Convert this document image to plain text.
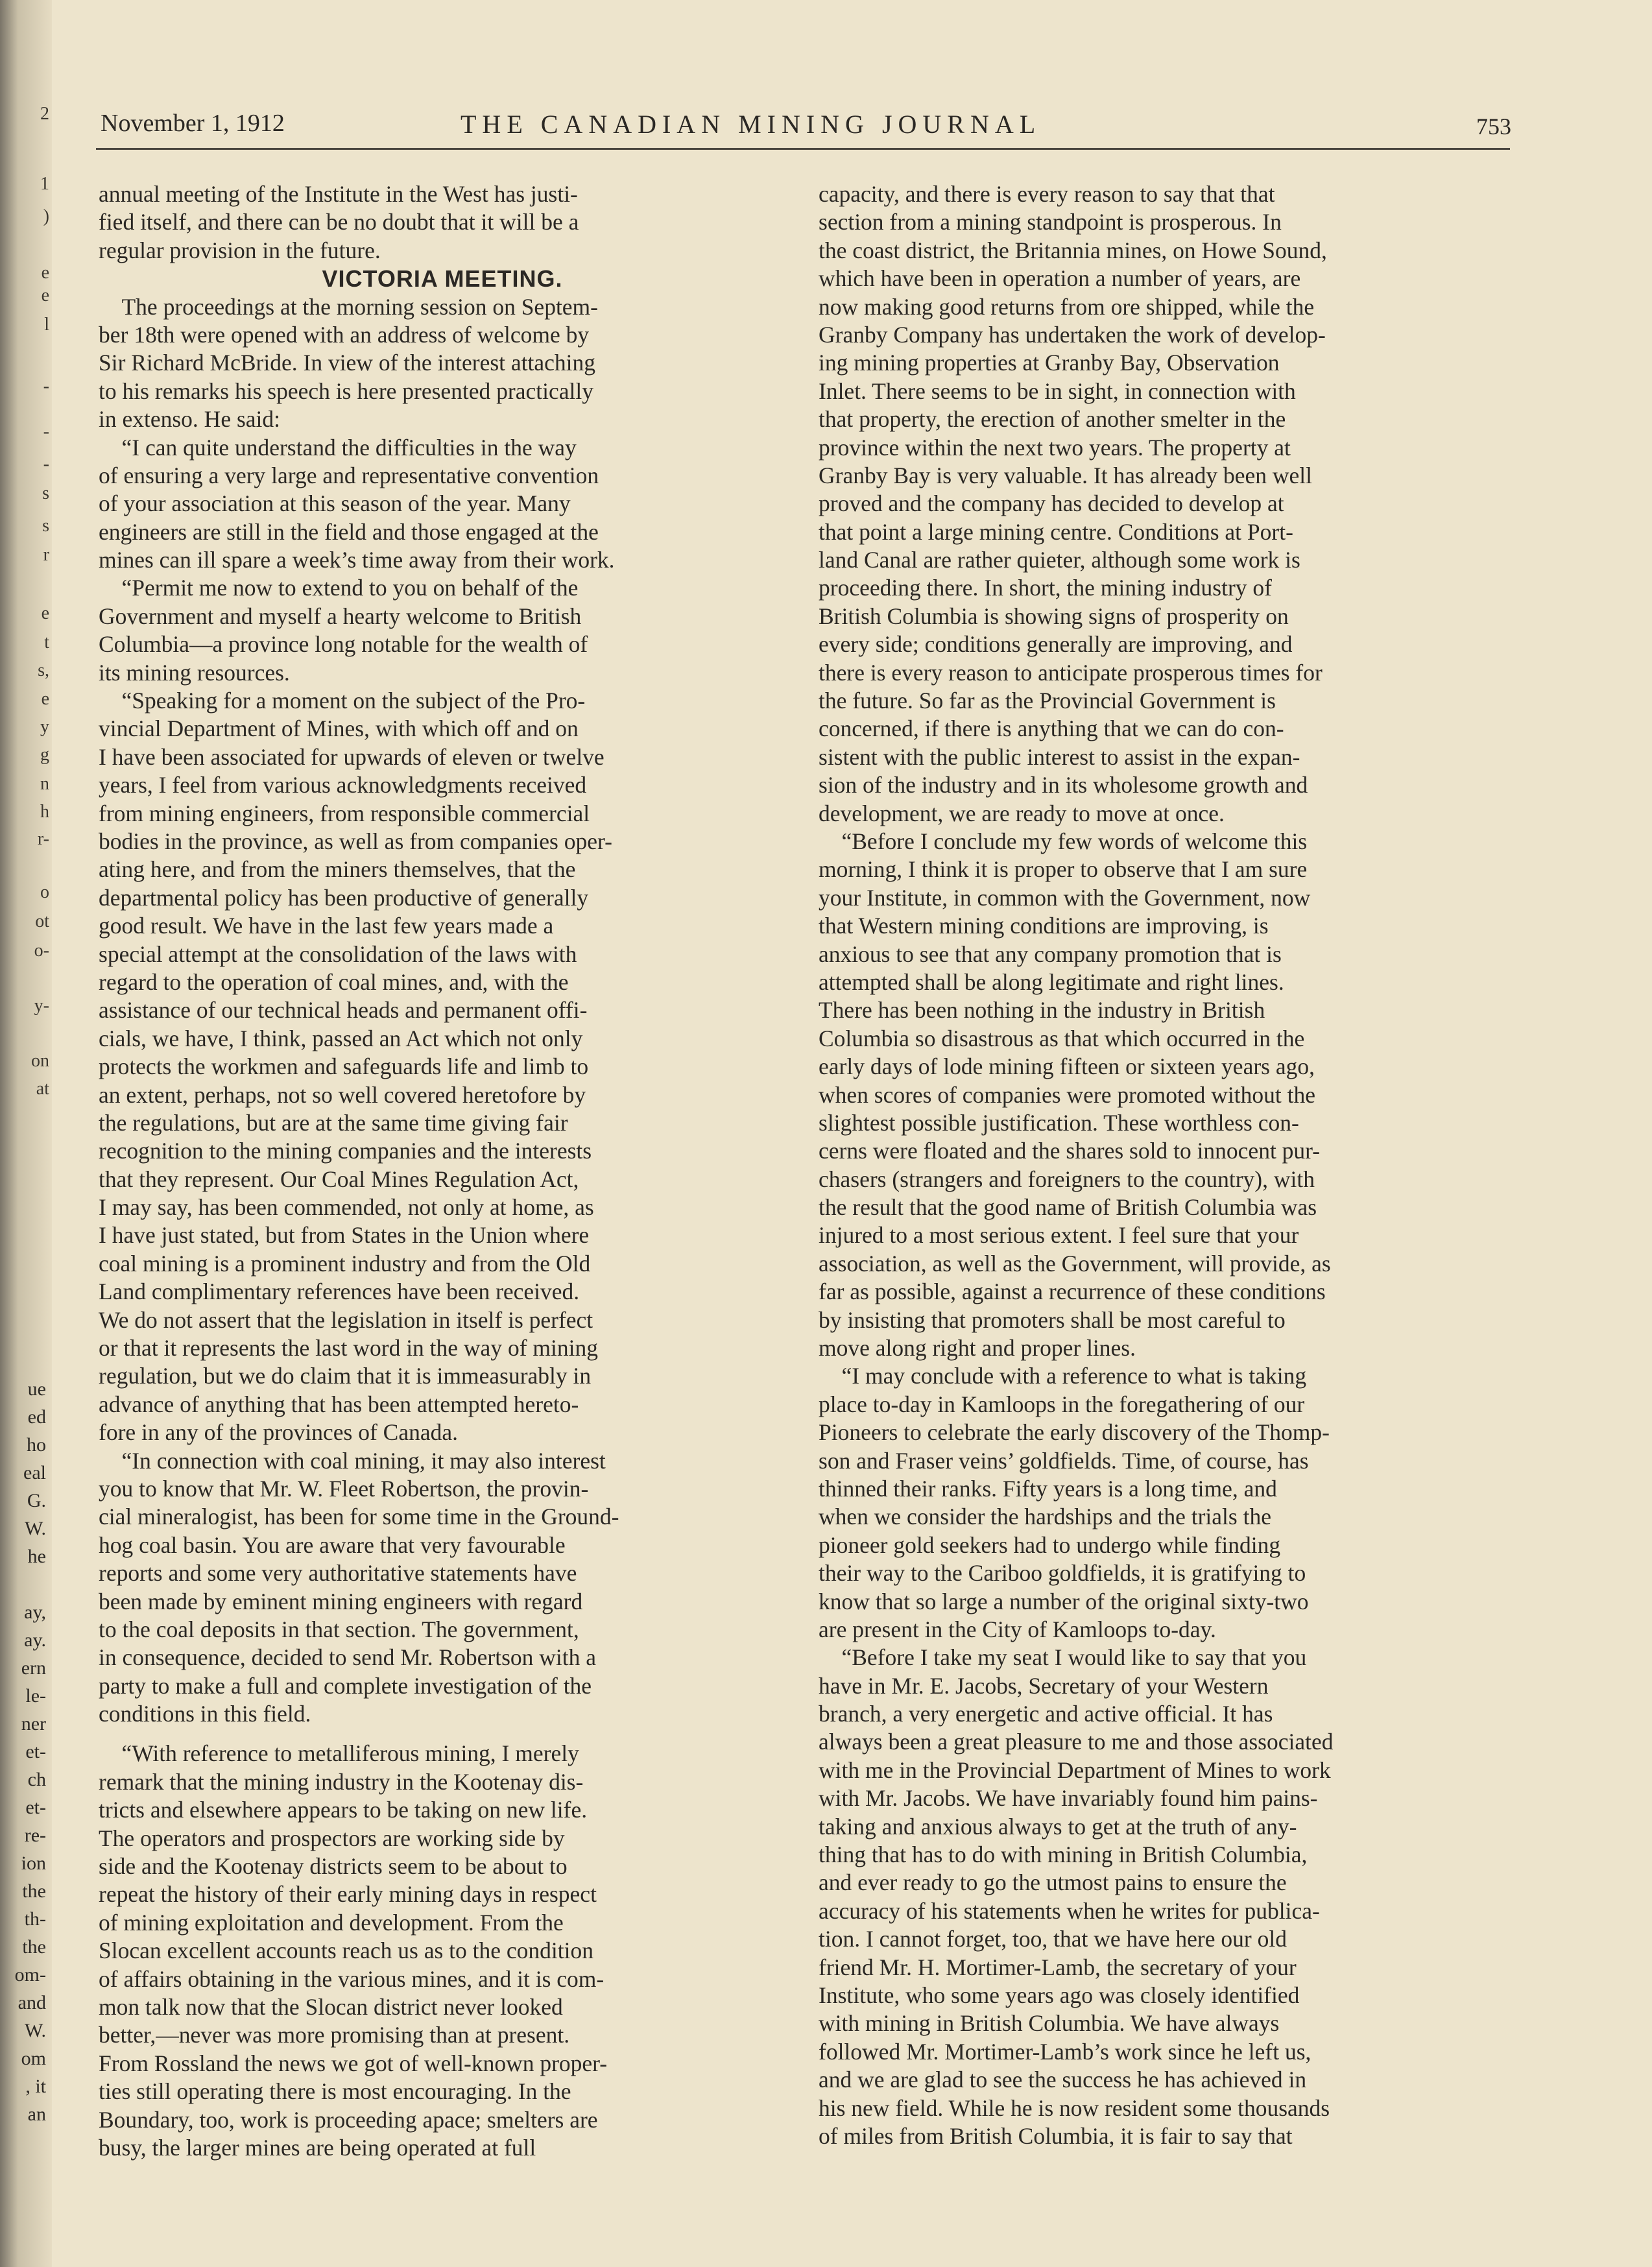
2
1
)
e
e
l
-
-
-
s
s
r
e
t
s,
e
y
g
n
h
r-
o
ot
o-
y-
on
at
ue
ed
ho
eal
G.
W.
he
ay,
ay.
ern
le-
ner
et-
ch
et-
re-
ion
the
th-
the
om-
and
W.
om
, it
an
November 1, 1912	THE CANADIAN MINING JOURNAL	753
annual meeting of the Institute in the West has justi-
fied itself, and there can be no doubt that it will be a
regular provision in the future.
VICTORIA MEETING.
 The proceedings at the morning session on Septem-
ber 18th were opened with an address of welcome by
Sir Richard McBride. In view of the interest attaching
to his remarks his speech is here presented practically
in extenso. He said:
 “I can quite understand the difficulties in the way
of ensuring a very large and representative convention
of your association at this season of the year. Many
engineers are still in the field and those engaged at the
mines can ill spare a week’s time away from their work.
 “Permit me now to extend to you on behalf of the
Government and myself a hearty welcome to British
Columbia—a province long notable for the wealth of
its mining resources.
 “Speaking for a moment on the subject of the Pro-
vincial Department of Mines, with which off and on
I have been associated for upwards of eleven or twelve
years, I feel from various acknowledgments received
from mining engineers, from responsible commercial
bodies in the province, as well as from companies oper-
ating here, and from the miners themselves, that the
departmental policy has been productive of generally
good result. We have in the last few years made a
special attempt at the consolidation of the laws with
regard to the operation of coal mines, and, with the
assistance of our technical heads and permanent offi-
cials, we have, I think, passed an Act which not only
protects the workmen and safeguards life and limb to
an extent, perhaps, not so well covered heretofore by
the regulations, but are at the same time giving fair
recognition to the mining companies and the interests
that they represent. Our Coal Mines Regulation Act,
I may say, has been commended, not only at home, as
I have just stated, but from States in the Union where
coal mining is a prominent industry and from the Old
Land complimentary references have been received.
We do not assert that the legislation in itself is perfect
or that it represents the last word in the way of mining
regulation, but we do claim that it is immeasurably in
advance of anything that has been attempted hereto-
fore in any of the provinces of Canada.
 “In connection with coal mining, it may also interest
you to know that Mr. W. Fleet Robertson, the provin-
cial mineralogist, has been for some time in the Ground-
hog coal basin. You are aware that very favourable
reports and some very authoritative statements have
been made by eminent mining engineers with regard
to the coal deposits in that section. The government,
in consequence, decided to send Mr. Robertson with a
party to make a full and complete investigation of the
conditions in this field.
 “With reference to metalliferous mining, I merely
remark that the mining industry in the Kootenay dis-
tricts and elsewhere appears to be taking on new life.
The operators and prospectors are working side by
side and the Kootenay districts seem to be about to
repeat the history of their early mining days in respect
of mining exploitation and development. From the
Slocan excellent accounts reach us as to the condition
of affairs obtaining in the various mines, and it is com-
mon talk now that the Slocan district never looked
better,—never was more promising than at present.
From Rossland the news we got of well-known proper-
ties still operating there is most encouraging. In the
Boundary, too, work is proceeding apace; smelters are
busy, the larger mines are being operated at full
capacity, and there is every reason to say that that
section from a mining standpoint is prosperous. In
the coast district, the Britannia mines, on Howe Sound,
which have been in operation a number of years, are
now making good returns from ore shipped, while the
Granby Company has undertaken the work of develop-
ing mining properties at Granby Bay, Observation
Inlet. There seems to be in sight, in connection with
that property, the erection of another smelter in the
province within the next two years. The property at
Granby Bay is very valuable. It has already been well
proved and the company has decided to develop at
that point a large mining centre. Conditions at Port-
land Canal are rather quieter, although some work is
proceeding there. In short, the mining industry of
British Columbia is showing signs of prosperity on
every side; conditions generally are improving, and
there is every reason to anticipate prosperous times for
the future. So far as the Provincial Government is
concerned, if there is anything that we can do con-
sistent with the public interest to assist in the expan-
sion of the industry and in its wholesome growth and
development, we are ready to move at once.
 “Before I conclude my few words of welcome this
morning, I think it is proper to observe that I am sure
your Institute, in common with the Government, now
that Western mining conditions are improving, is
anxious to see that any company promotion that is
attempted shall be along legitimate and right lines.
There has been nothing in the industry in British
Columbia so disastrous as that which occurred in the
early days of lode mining fifteen or sixteen years ago,
when scores of companies were promoted without the
slightest possible justification. These worthless con-
cerns were floated and the shares sold to innocent pur-
chasers (strangers and foreigners to the country), with
the result that the good name of British Columbia was
injured to a most serious extent. I feel sure that your
association, as well as the Government, will provide, as
far as possible, against a recurrence of these conditions
by insisting that promoters shall be most careful to
move along right and proper lines.
 “I may conclude with a reference to what is taking
place to-day in Kamloops in the foregathering of our
Pioneers to celebrate the early discovery of the Thomp-
son and Fraser veins’ goldfields. Time, of course, has
thinned their ranks. Fifty years is a long time, and
when we consider the hardships and the trials the
pioneer gold seekers had to undergo while finding
their way to the Cariboo goldfields, it is gratifying to
know that so large a number of the original sixty-two
are present in the City of Kamloops to-day.
 “Before I take my seat I would like to say that you
have in Mr. E. Jacobs, Secretary of your Western
branch, a very energetic and active official. It has
always been a great pleasure to me and those associated
with me in the Provincial Department of Mines to work
with Mr. Jacobs. We have invariably found him pains-
taking and anxious always to get at the truth of any-
thing that has to do with mining in British Columbia,
and ever ready to go the utmost pains to ensure the
accuracy of his statements when he writes for publica-
tion. I cannot forget, too, that we have here our old
friend Mr. H. Mortimer-Lamb, the secretary of your
Institute, who some years ago was closely identified
with mining in British Columbia. We have always
followed Mr. Mortimer-Lamb’s work since he left us,
and we are glad to see the success he has achieved in
his new field. While he is now resident some thousands
of miles from British Columbia, it is fair to say that
